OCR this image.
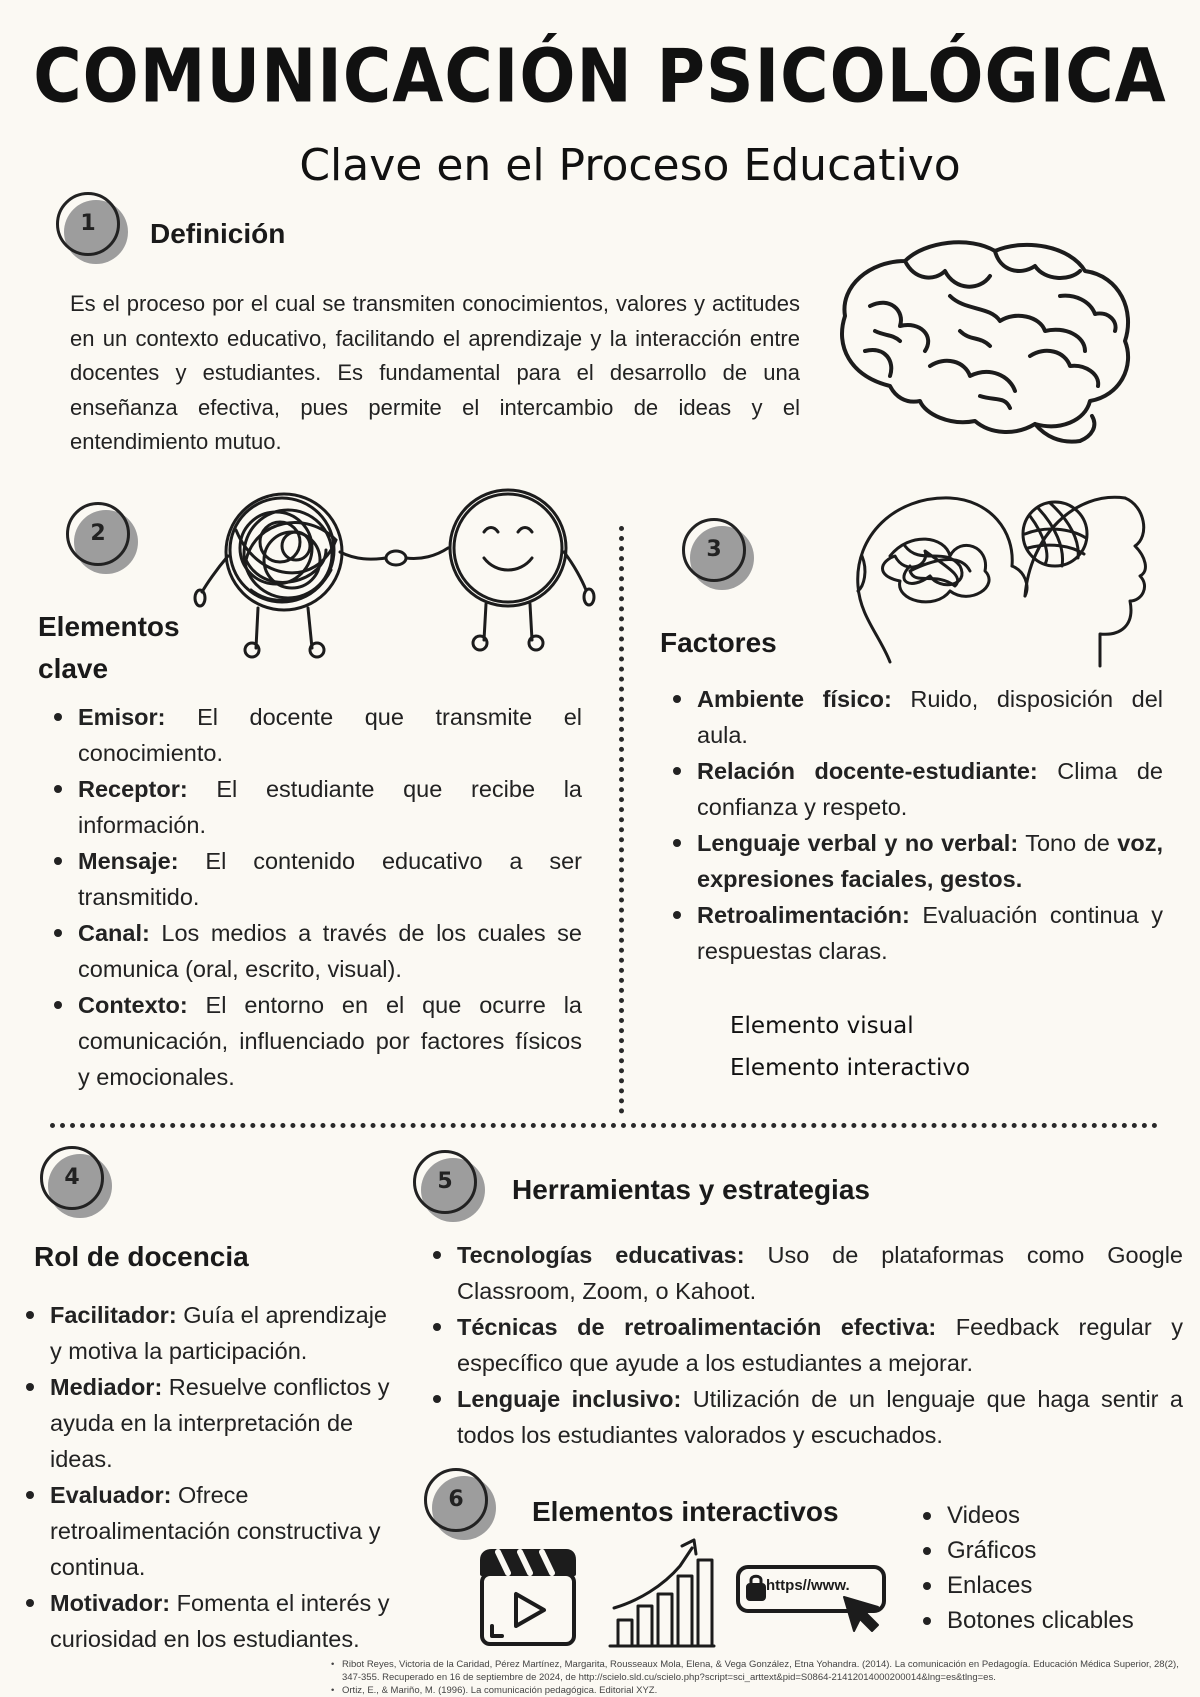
COMUNICACIÓN PSICOLÓGICA
Clave en el Proceso Educativo
1	Definición
Es el proceso por el cual se transmiten conocimientos, valores y actitudes en un contexto educativo, facilitando el aprendizaje y la interacción entre docentes y estudiantes. Es fundamental para el desarrollo de una enseñanza efectiva, pues permite el intercambio de ideas y el entendimiento mutuo.
2
Elementos
clave
Emisor: El docente que transmite el conocimiento.
Receptor: El estudiante que recibe la información.
Mensaje: El contenido educativo a ser transmitido.
Canal: Los medios a través de los cuales se comunica (oral, escrito, visual).
Contexto: El entorno en el que ocurre la comunicación, influenciado por factores físicos y emocionales.
3
Factores
Ambiente físico: Ruido, disposición del aula.
Relación docente-estudiante: Clima de confianza y respeto.
Lenguaje verbal y no verbal: Tono de voz, expresiones faciales, gestos.
Retroalimentación: Evaluación continua y respuestas claras.
Elemento visual
Elemento interactivo
4
Rol de docencia
Facilitador: Guía el aprendizaje y motiva la participación.
Mediador: Resuelve conflictos y ayuda en la interpretación de ideas.
Evaluador: Ofrece retroalimentación constructiva y continua.
Motivador: Fomenta el interés y curiosidad en los estudiantes.
5	Herramientas y estrategias
Tecnologías educativas: Uso de plataformas como Google Classroom, Zoom, o Kahoot.
Técnicas de retroalimentación efectiva: Feedback regular y específico que ayude a los estudiantes a mejorar.
Lenguaje inclusivo: Utilización de un lenguaje que haga sentir a todos los estudiantes valorados y escuchados.
6	Elementos interactivos	Videos
Gráficos
Enlaces
Botones clicables
https//www.
• Ribot Reyes, Victoria de la Caridad, Pérez Martínez, Margarita, Rousseaux Mola, Elena, & Vega González, Etna Yohandra. (2014). La comunicación en Pedagogía. Educación Médica Superior, 28(2), 347-355. Recuperado en 16 de septiembre de 2024, de http://scielo.sld.cu/scielo.php?script=sci_arttext&pid=S0864-21412014000200014&lng=es&tlng=es.
• Ortiz, E., & Mariño, M. (1996). La comunicación pedagógica. Editorial XYZ.
